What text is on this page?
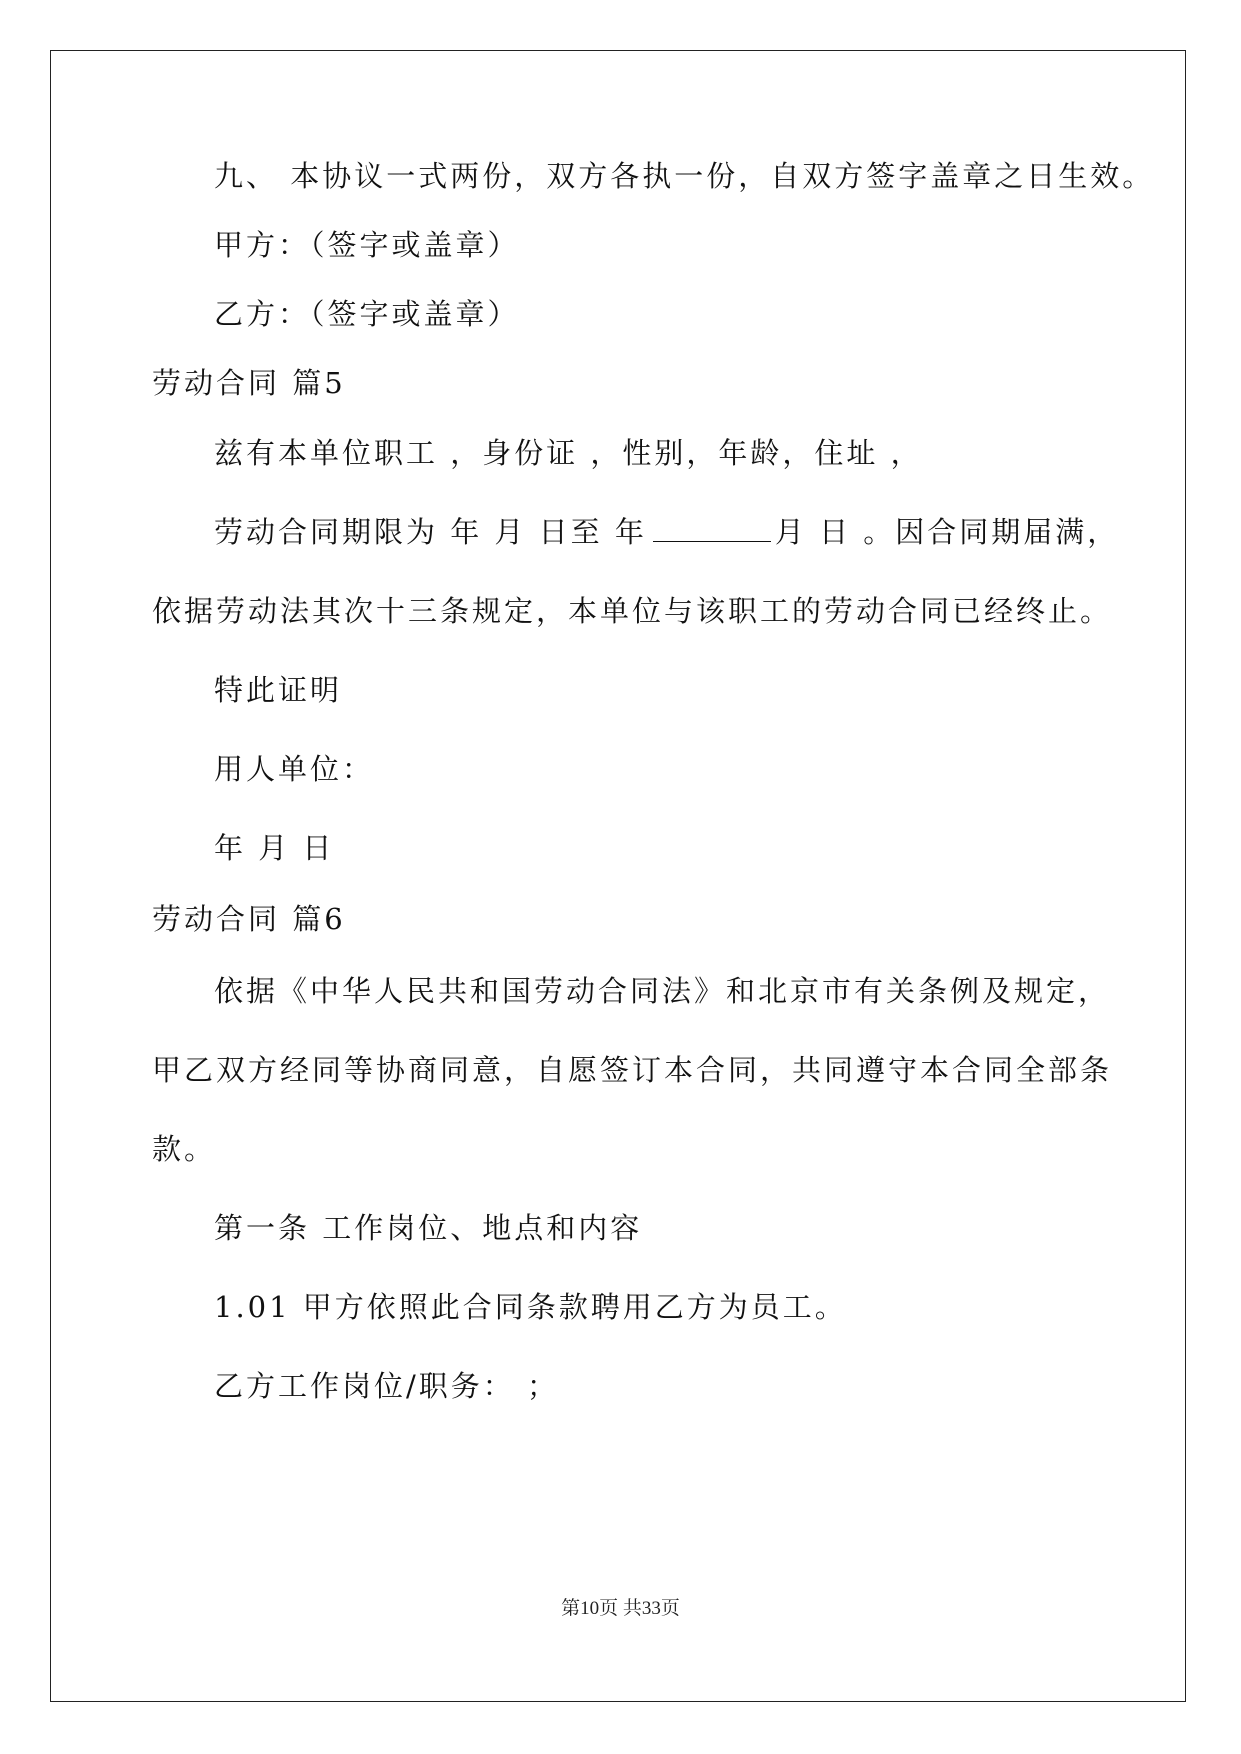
九、 本协议一式两份，双方各执一份，自双方签字盖章之日生效。

甲方：（签字或盖章）

乙方：（签字或盖章）

劳动合同 篇5

兹有本单位职工 ，身份证 ，性别，年龄，住址 ，

劳动合同期限为 年 月 日至 年	月 日 。因合同期届满，

依据劳动法其次十三条规定，本单位与该职工的劳动合同已经终止。

特此证明

用人单位：

年 月 日

劳动合同 篇6

依据《中华人民共和国劳动合同法》和北京市有关条例及规定，

甲乙双方经同等协商同意，自愿签订本合同，共同遵守本合同全部条

款。

第一条 工作岗位、地点和内容

1.01 甲方依照此合同条款聘用乙方为员工。

乙方工作岗位/职务： ；

第10页 共33页
